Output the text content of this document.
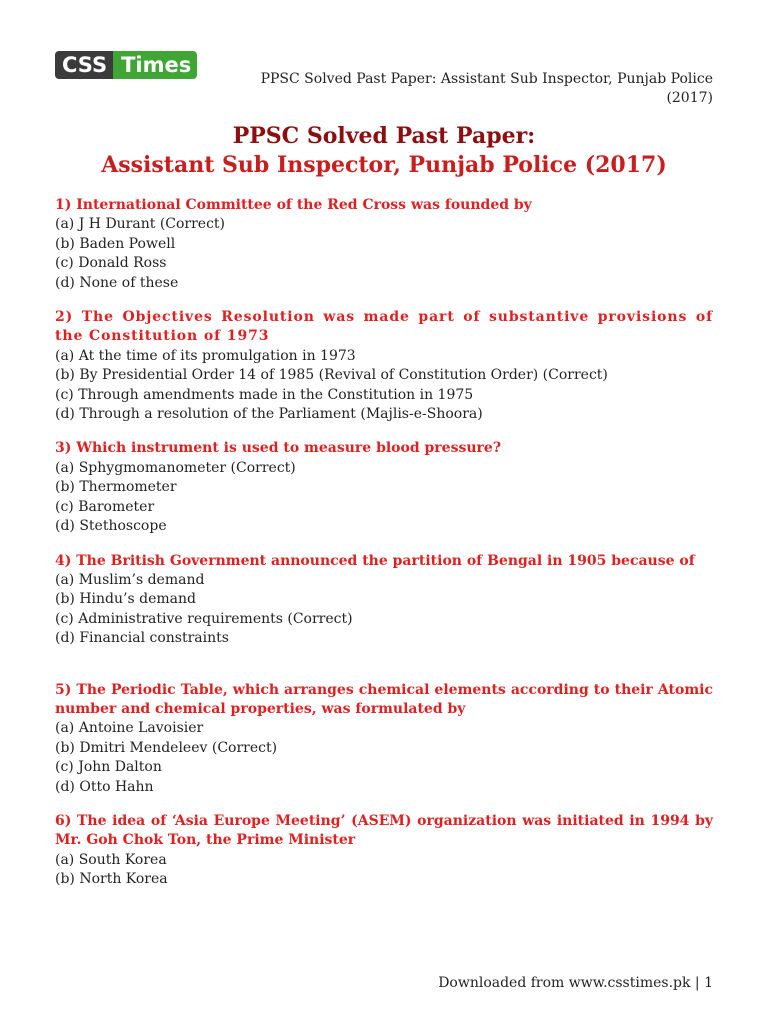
CSS Times
PPSC Solved Past Paper: Assistant Sub Inspector, Punjab Police
(2017)
PPSC Solved Past Paper:
Assistant Sub Inspector, Punjab Police (2017)
1) International Committee of the Red Cross was founded by
(a) J H Durant (Correct)
(b) Baden Powell
(c) Donald Ross
(d) None of these
2) The Objectives Resolution was made part of substantive provisions of the Constitution of 1973
(a) At the time of its promulgation in 1973
(b) By Presidential Order 14 of 1985 (Revival of Constitution Order) (Correct)
(c) Through amendments made in the Constitution in 1975
(d) Through a resolution of the Parliament (Majlis-e-Shoora)
3) Which instrument is used to measure blood pressure?
(a) Sphygmomanometer (Correct)
(b) Thermometer
(c) Barometer
(d) Stethoscope
4) The British Government announced the partition of Bengal in 1905 because of
(a) Muslim’s demand
(b) Hindu’s demand
(c) Administrative requirements (Correct)
(d) Financial constraints
5) The Periodic Table, which arranges chemical elements according to their Atomic number and chemical properties, was formulated by
(a) Antoine Lavoisier
(b) Dmitri Mendeleev (Correct)
(c) John Dalton
(d) Otto Hahn
6) The idea of ‘Asia Europe Meeting’ (ASEM) organization was initiated in 1994 by Mr. Goh Chok Ton, the Prime Minister
(a) South Korea
(b) North Korea
Downloaded from www.csstimes.pk | 1
